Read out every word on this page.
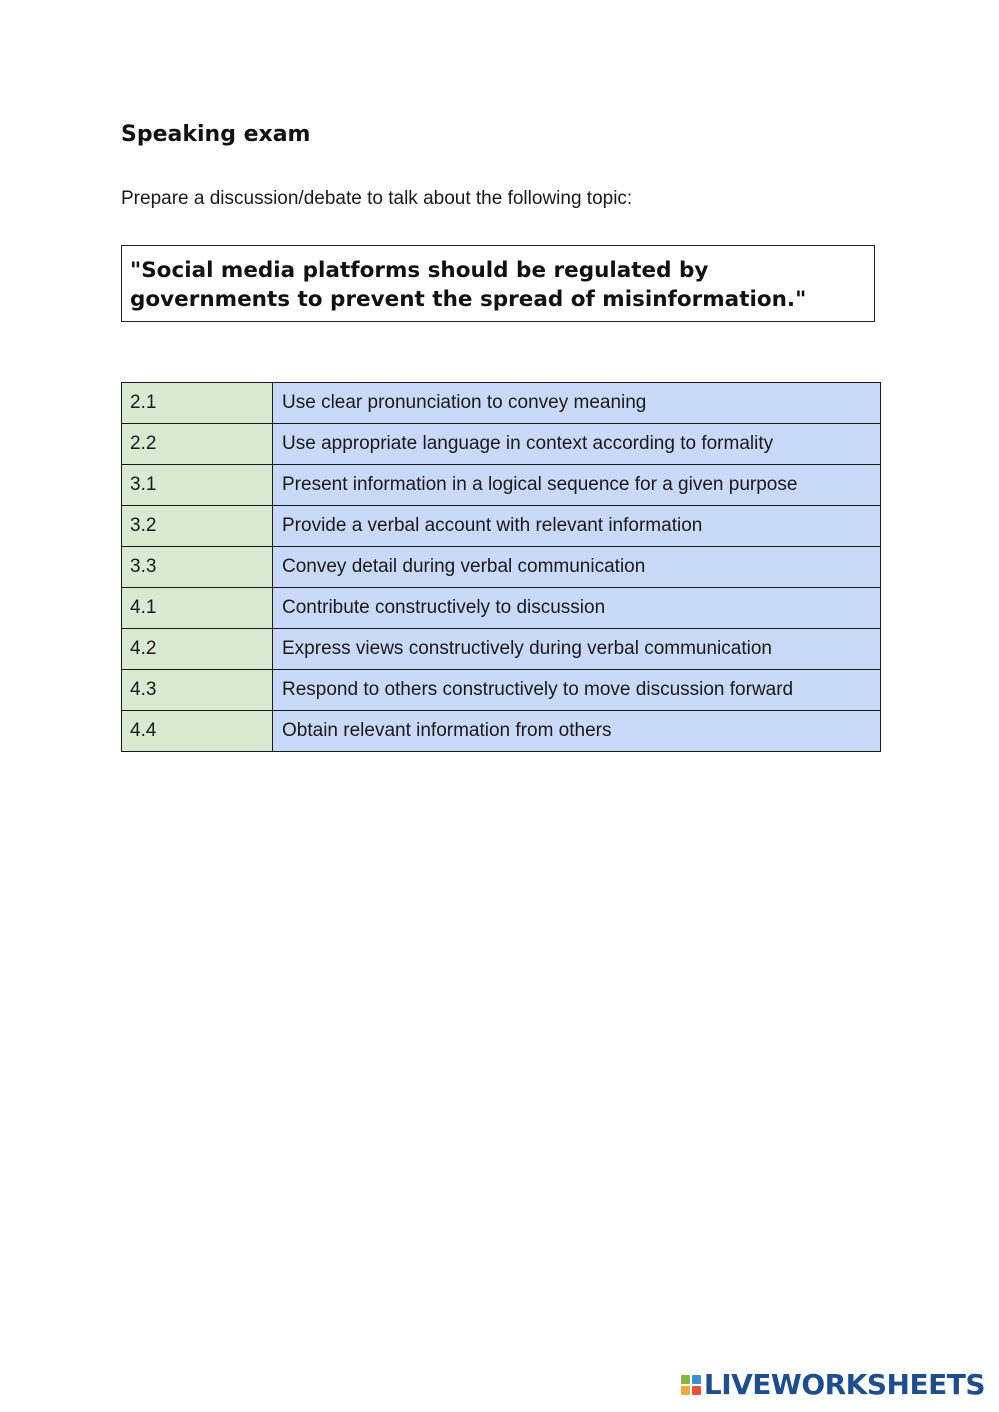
Speaking exam

Prepare a discussion/debate to talk about the following topic:

"Social media platforms should be regulated by governments to prevent the spread of misinformation."

2.1	Use clear pronunciation to convey meaning
2.2	Use appropriate language in context according to formality
3.1	Present information in a logical sequence for a given purpose
3.2	Provide a verbal account with relevant information
3.3	Convey detail during verbal communication
4.1	Contribute constructively to discussion
4.2	Express views constructively during verbal communication
4.3	Respond to others constructively to move discussion forward
4.4	Obtain relevant information from others
LIVEWORKSHEETS
